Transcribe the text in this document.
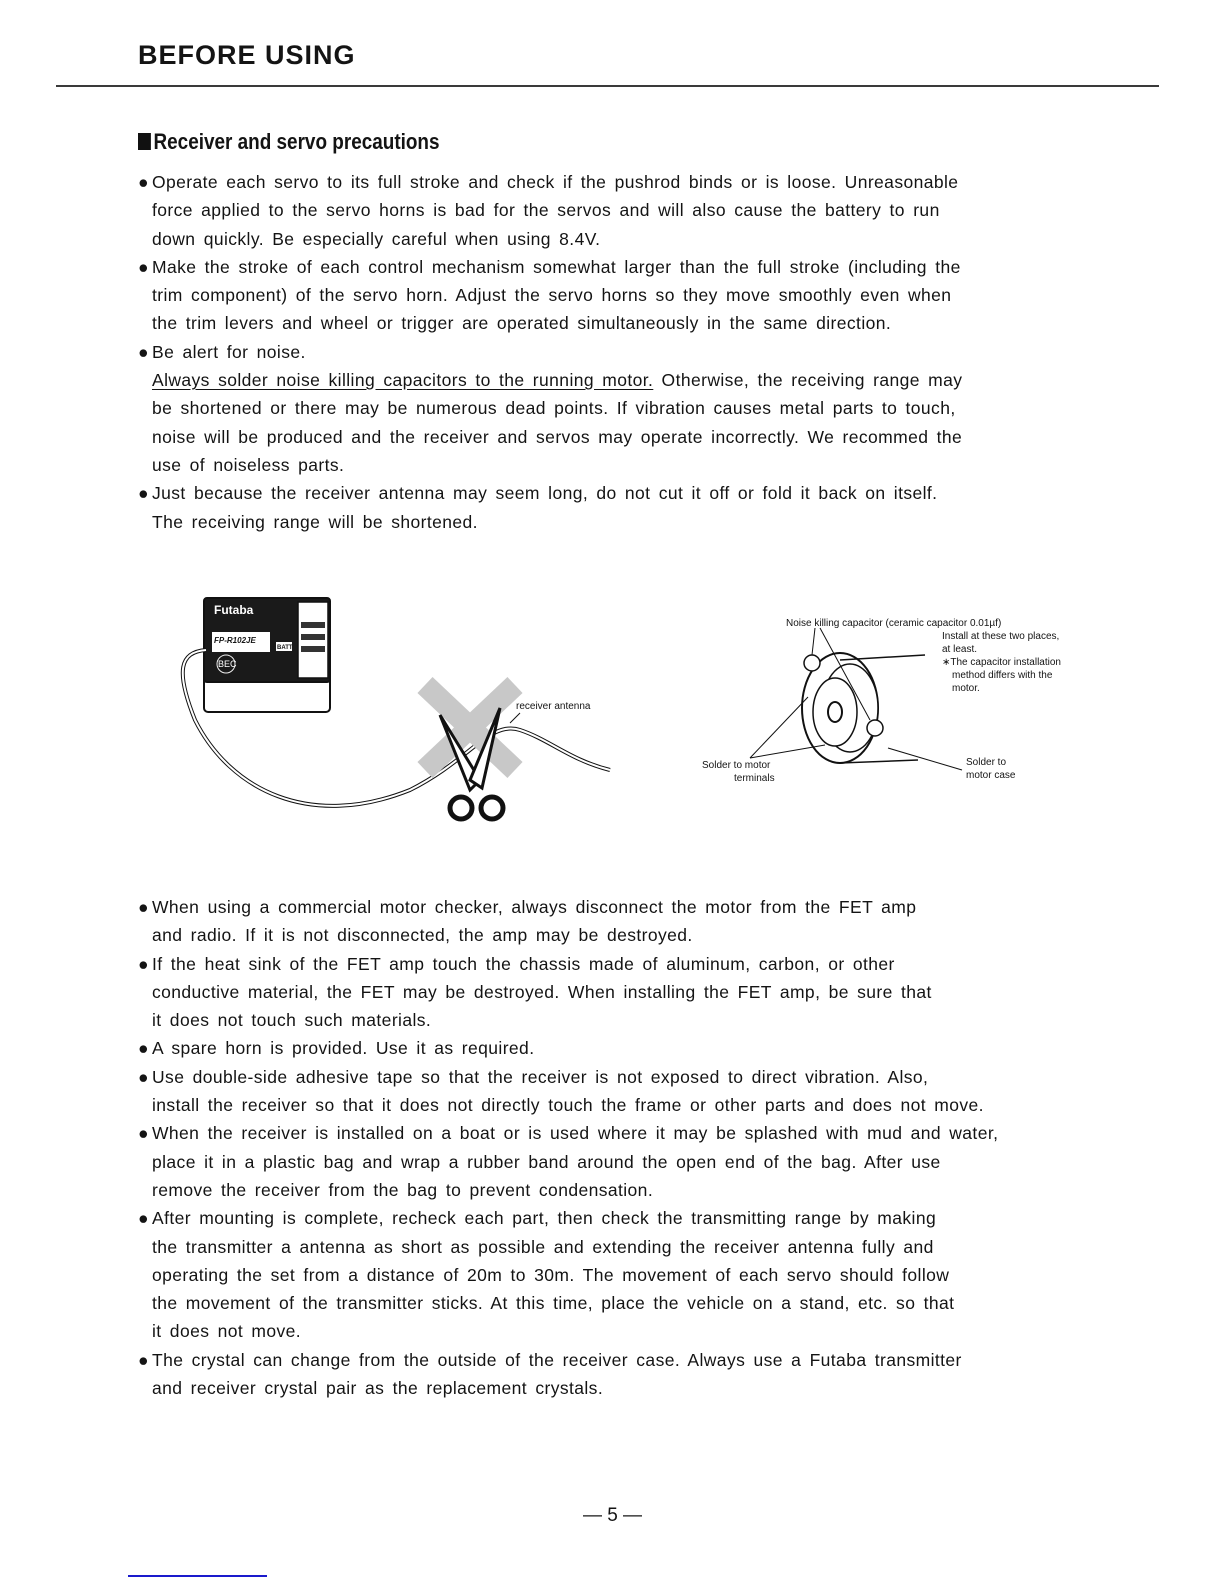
BEFORE USING
Receiver and servo precautions
● Operate each servo to its full stroke and check if the pushrod binds or is loose. Unreasonable
force applied to the servo horns is bad for the servos and will also cause the battery to run
down quickly. Be especially careful when using 8.4V.
● Make the stroke of each control mechanism somewhat larger than the full stroke (including the
trim component) of the servo horn. Adjust the servo horns so they move smoothly even when
the trim levers and wheel or trigger are operated simultaneously in the same direction.
● Be alert for noise.
Always solder noise killing capacitors to the running motor. Otherwise, the receiving range may
be shortened or there may be numerous dead points. If vibration causes metal parts to touch,
noise will be produced and the receiver and servos may operate incorrectly. We recommed the
use of noiseless parts.
● Just because the receiver antenna may seem long, do not cut it off or fold it back on itself.
The receiving range will be shortened.
Futaba
FP-R102JE
BATT
BEC
receiver antenna
Noise killing capacitor (ceramic capacitor 0.01µf)
Install at these two places,
at least.
∗The capacitor installation
method differs with the
motor.
Solder to motor
terminals
Solder to
motor case
● When using a commercial motor checker, always disconnect the motor from the FET amp
and radio. If it is not disconnected, the amp may be destroyed.
● If the heat sink of the FET amp touch the chassis made of aluminum, carbon, or other
conductive material, the FET may be destroyed. When installing the FET amp, be sure that
it does not touch such materials.
● A spare horn is provided. Use it as required.
● Use double-side adhesive tape so that the receiver is not exposed to direct vibration. Also,
install the receiver so that it does not directly touch the frame or other parts and does not move.
● When the receiver is installed on a boat or is used where it may be splashed with mud and water,
place it in a plastic bag and wrap a rubber band around the open end of the bag. After use
remove the receiver from the bag to prevent condensation.
● After mounting is complete, recheck each part, then check the transmitting range by making
the transmitter a antenna as short as possible and extending the receiver antenna fully and
operating the set from a distance of 20m to 30m. The movement of each servo should follow
the movement of the transmitter sticks. At this time, place the vehicle on a stand, etc. so that
it does not move.
● The crystal can change from the outside of the receiver case. Always use a Futaba transmitter
and receiver crystal pair as the replacement crystals.
— 5 —
